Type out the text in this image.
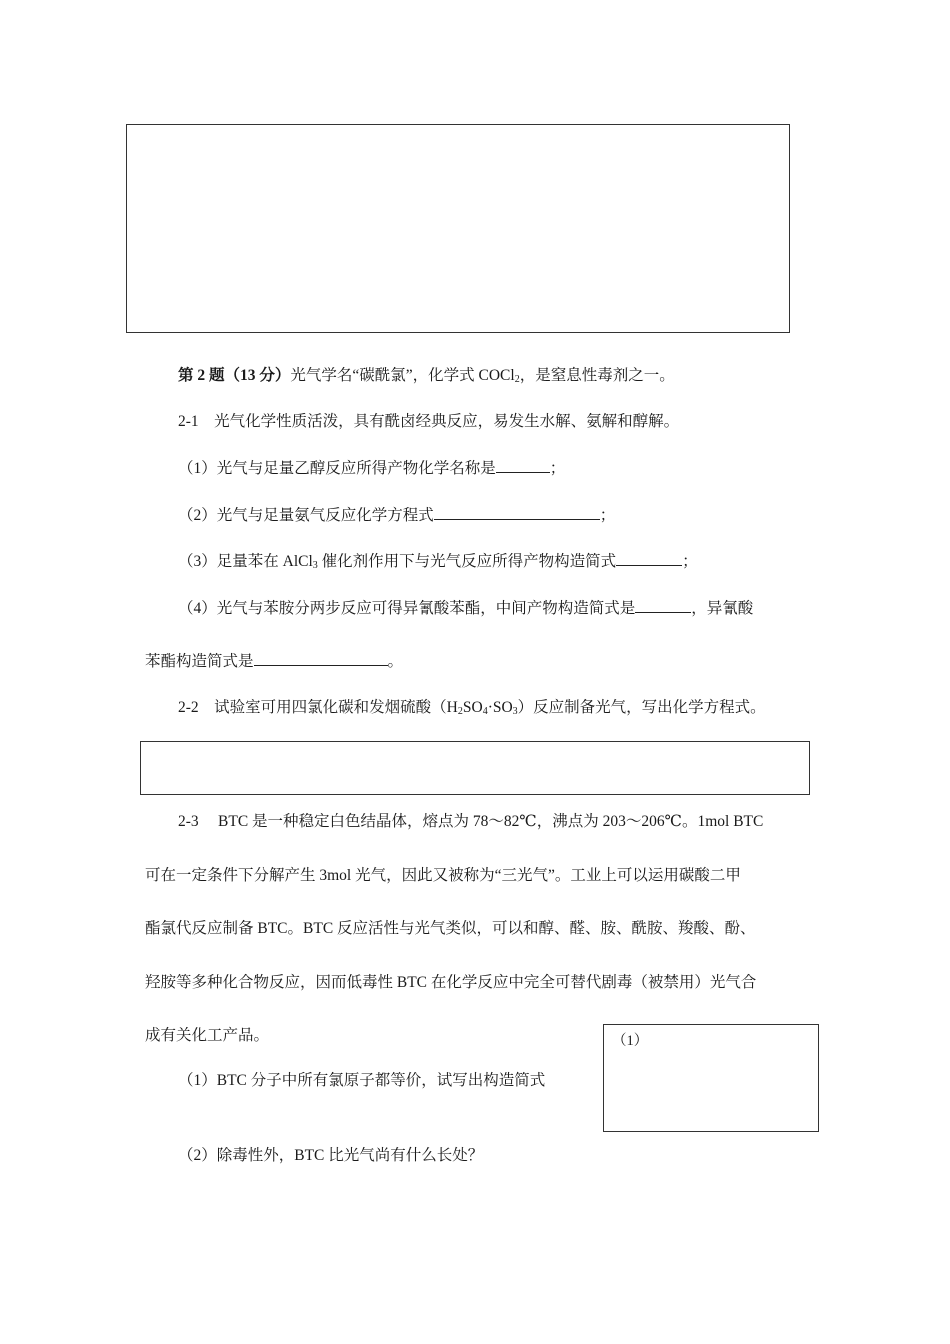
第 2 题（13 分）光气学名“碳酰氯”，化学式 COCl$_2$，是窒息性毒剂之一。
2-1　光气化学性质活泼，具有酰卤经典反应，易发生水解、氨解和醇解。
（1）光气与足量乙醇反应所得产物化学名称是	；
（2）光气与足量氨气反应化学方程式	；
（3）足量苯在 AlCl$_3$ 催化剂作用下与光气反应所得产物构造简式	；
（4）光气与苯胺分两步反应可得异氰酸苯酯，中间产物构造简式是	，异氰酸
苯酯构造简式是	。
2-2　试验室可用四氯化碳和发烟硫酸$(H_2SO_4\cdot SO_3)$反应制备光气，写出化学方程式。
2-3　 BTC 是一种稳定白色结晶体，熔点为 78～82℃，沸点为 203～206℃。1mol BTC
可在一定条件下分解产生 3mol 光气，因此又被称为“三光气”。工业上可以运用碳酸二甲
酯氯代反应制备 BTC。BTC 反应活性与光气类似，可以和醇、醛、胺、酰胺、羧酸、酚、
羟胺等多种化合物反应，因而低毒性 BTC 在化学反应中完全可替代剧毒（被禁用）光气合
成有关化工产品。	（1）
（1）BTC 分子中所有氯原子都等价，试写出构造简式
（2）除毒性外，BTC 比光气尚有什么长处？
